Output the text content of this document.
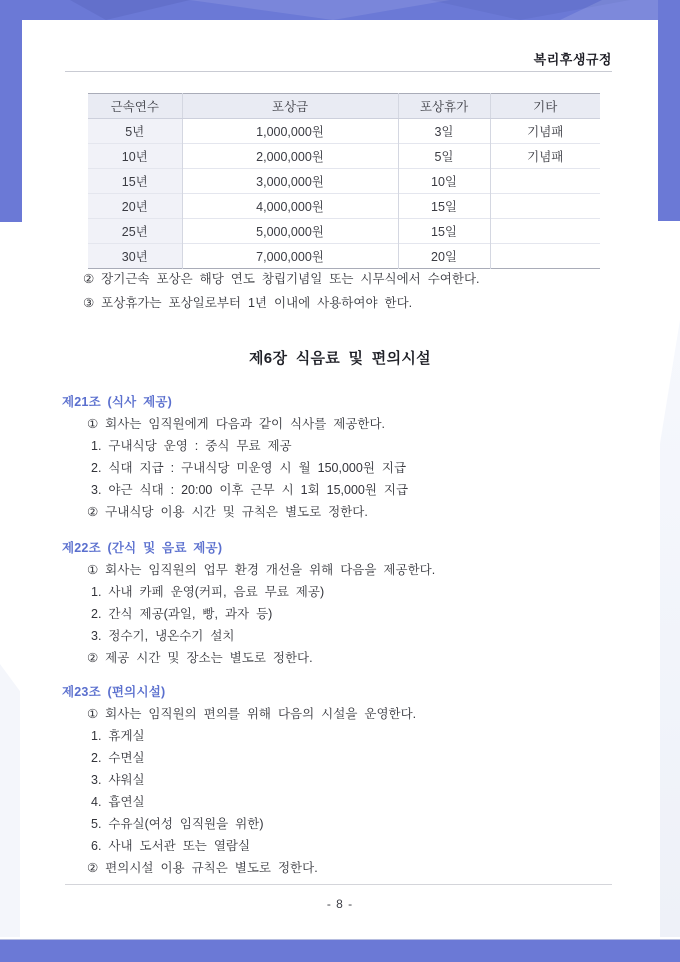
복리후생규정
근속연수	포상금	포상휴가	기타
5년	1,000,000원	3일	기념패
10년	2,000,000원	5일	기념패
15년	3,000,000원	10일	
20년	4,000,000원	15일	
25년	5,000,000원	15일	
30년	7,000,000원	20일	
② 장기근속 포상은 해당 연도 창립기념일 또는 시무식에서 수여한다.
③ 포상휴가는 포상일로부터 1년 이내에 사용하여야 한다.
제6장 식음료 및 편의시설
제21조 (식사 제공)
① 회사는 임직원에게 다음과 같이 식사를 제공한다.
1. 구내식당 운영 : 중식 무료 제공
2. 식대 지급 : 구내식당 미운영 시 월 150,000원 지급
3. 야근 식대 : 20:00 이후 근무 시 1회 15,000원 지급
② 구내식당 이용 시간 및 규칙은 별도로 정한다.
제22조 (간식 및 음료 제공)
① 회사는 임직원의 업무 환경 개선을 위해 다음을 제공한다.
1. 사내 카페 운영(커피, 음료 무료 제공)
2. 간식 제공(과일, 빵, 과자 등)
3. 정수기, 냉온수기 설치
② 제공 시간 및 장소는 별도로 정한다.
제23조 (편의시설)
① 회사는 임직원의 편의를 위해 다음의 시설을 운영한다.
1. 휴게실
2. 수면실
3. 샤워실
4. 흡연실
5. 수유실(여성 임직원을 위한)
6. 사내 도서관 또는 열람실
② 편의시설 이용 규칙은 별도로 정한다.
- 8 -
